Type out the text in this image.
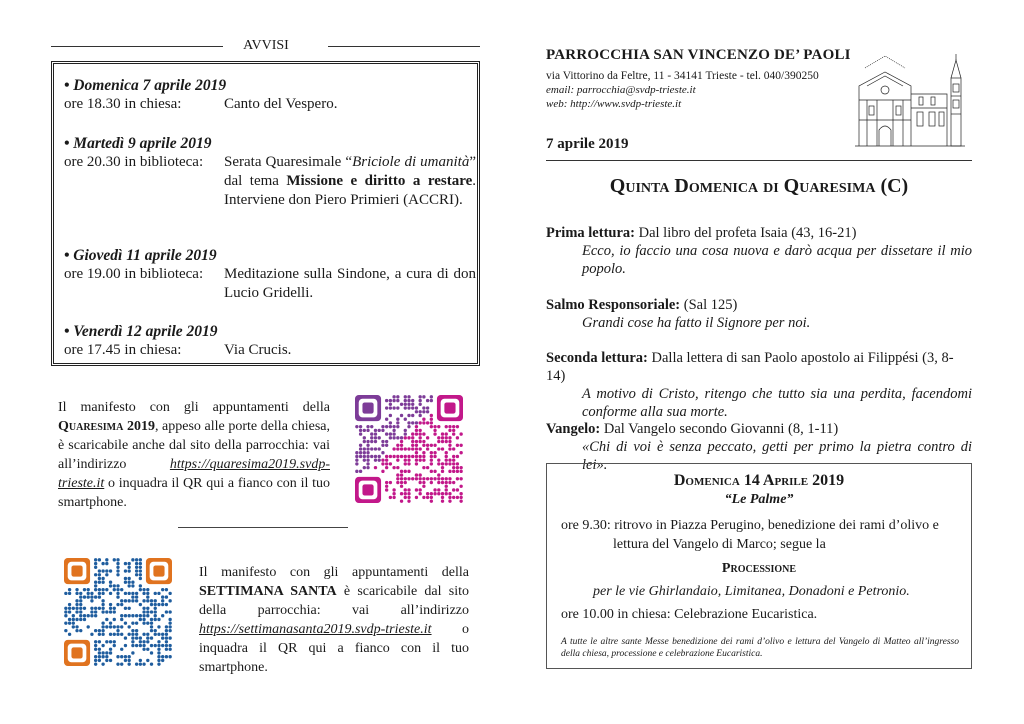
AVVISI
• Domenica 7 aprile 2019
ore 18.30 in chiesa:	Canto del Vespero.
• Martedì 9 aprile 2019
ore 20.30 in biblioteca: Serata Quaresimale “Briciole di umanità” dal tema Missione e diritto a restare. Interviene don Piero Primieri (ACCRI).
• Giovedì 11 aprile 2019
ore 19.00 in biblioteca: Meditazione sulla Sindone, a cura di don Lucio Gridelli.
• Venerdì 12 aprile 2019
ore 17.45 in chiesa:	Via Crucis.
Il manifesto con gli appuntamenti della Quaresima 2019, appeso alle porte della chiesa, è scaricabile anche dal sito della parrocchia: vai all’indirizzo https://quaresima2019.svdp-trieste.it o inquadra il QR qui a fianco con il tuo smartphone.
Il manifesto con gli appuntamenti della SETTIMANA SANTA è scaricabile dal sito della parrocchia: vai all’indirizzo https://settimanasanta2019.svdp-trieste.it o inquadra il QR qui a fianco con il tuo smartphone.
PARROCCHIA SAN VINCENZO DE’ PAOLI
via Vittorino da Feltre, 11 - 34141 Trieste - tel. 040/390250
email: parrocchia@svdp-trieste.it
web: http://www.svdp-trieste.it
7 aprile 2019
Quinta Domenica di Quaresima (C)
Prima lettura: Dal libro del profeta Isaia (43, 16-21)
Ecco, io faccio una cosa nuova e darò acqua per dissetare il mio popolo.
Salmo Responsoriale: (Sal 125)
Grandi cose ha fatto il Signore per noi.
Seconda lettura: Dalla lettera di san Paolo apostolo ai Filippési (3, 8-14)
A motivo di Cristo, ritengo che tutto sia una perdita, facendomi conforme alla sua morte.
Vangelo: Dal Vangelo secondo Giovanni (8, 1-11)
«Chi di voi è senza peccato, getti per primo la pietra contro di lei».
Domenica 14 Aprile 2019
“Le Palme”
ore 9.30: ritrovo in Piazza Perugino, benedizione dei rami d’olivo e
lettura del Vangelo di Marco; segue la
Processione
per le vie Ghirlandaio, Limitanea, Donadoni e Petronio.
ore 10.00 in chiesa: Celebrazione Eucaristica.
A tutte le altre sante Messe benedizione dei rami d’olivo e lettura del Vangelo di Matteo all’ingresso della chiesa, processione e celebrazione Eucaristica.
